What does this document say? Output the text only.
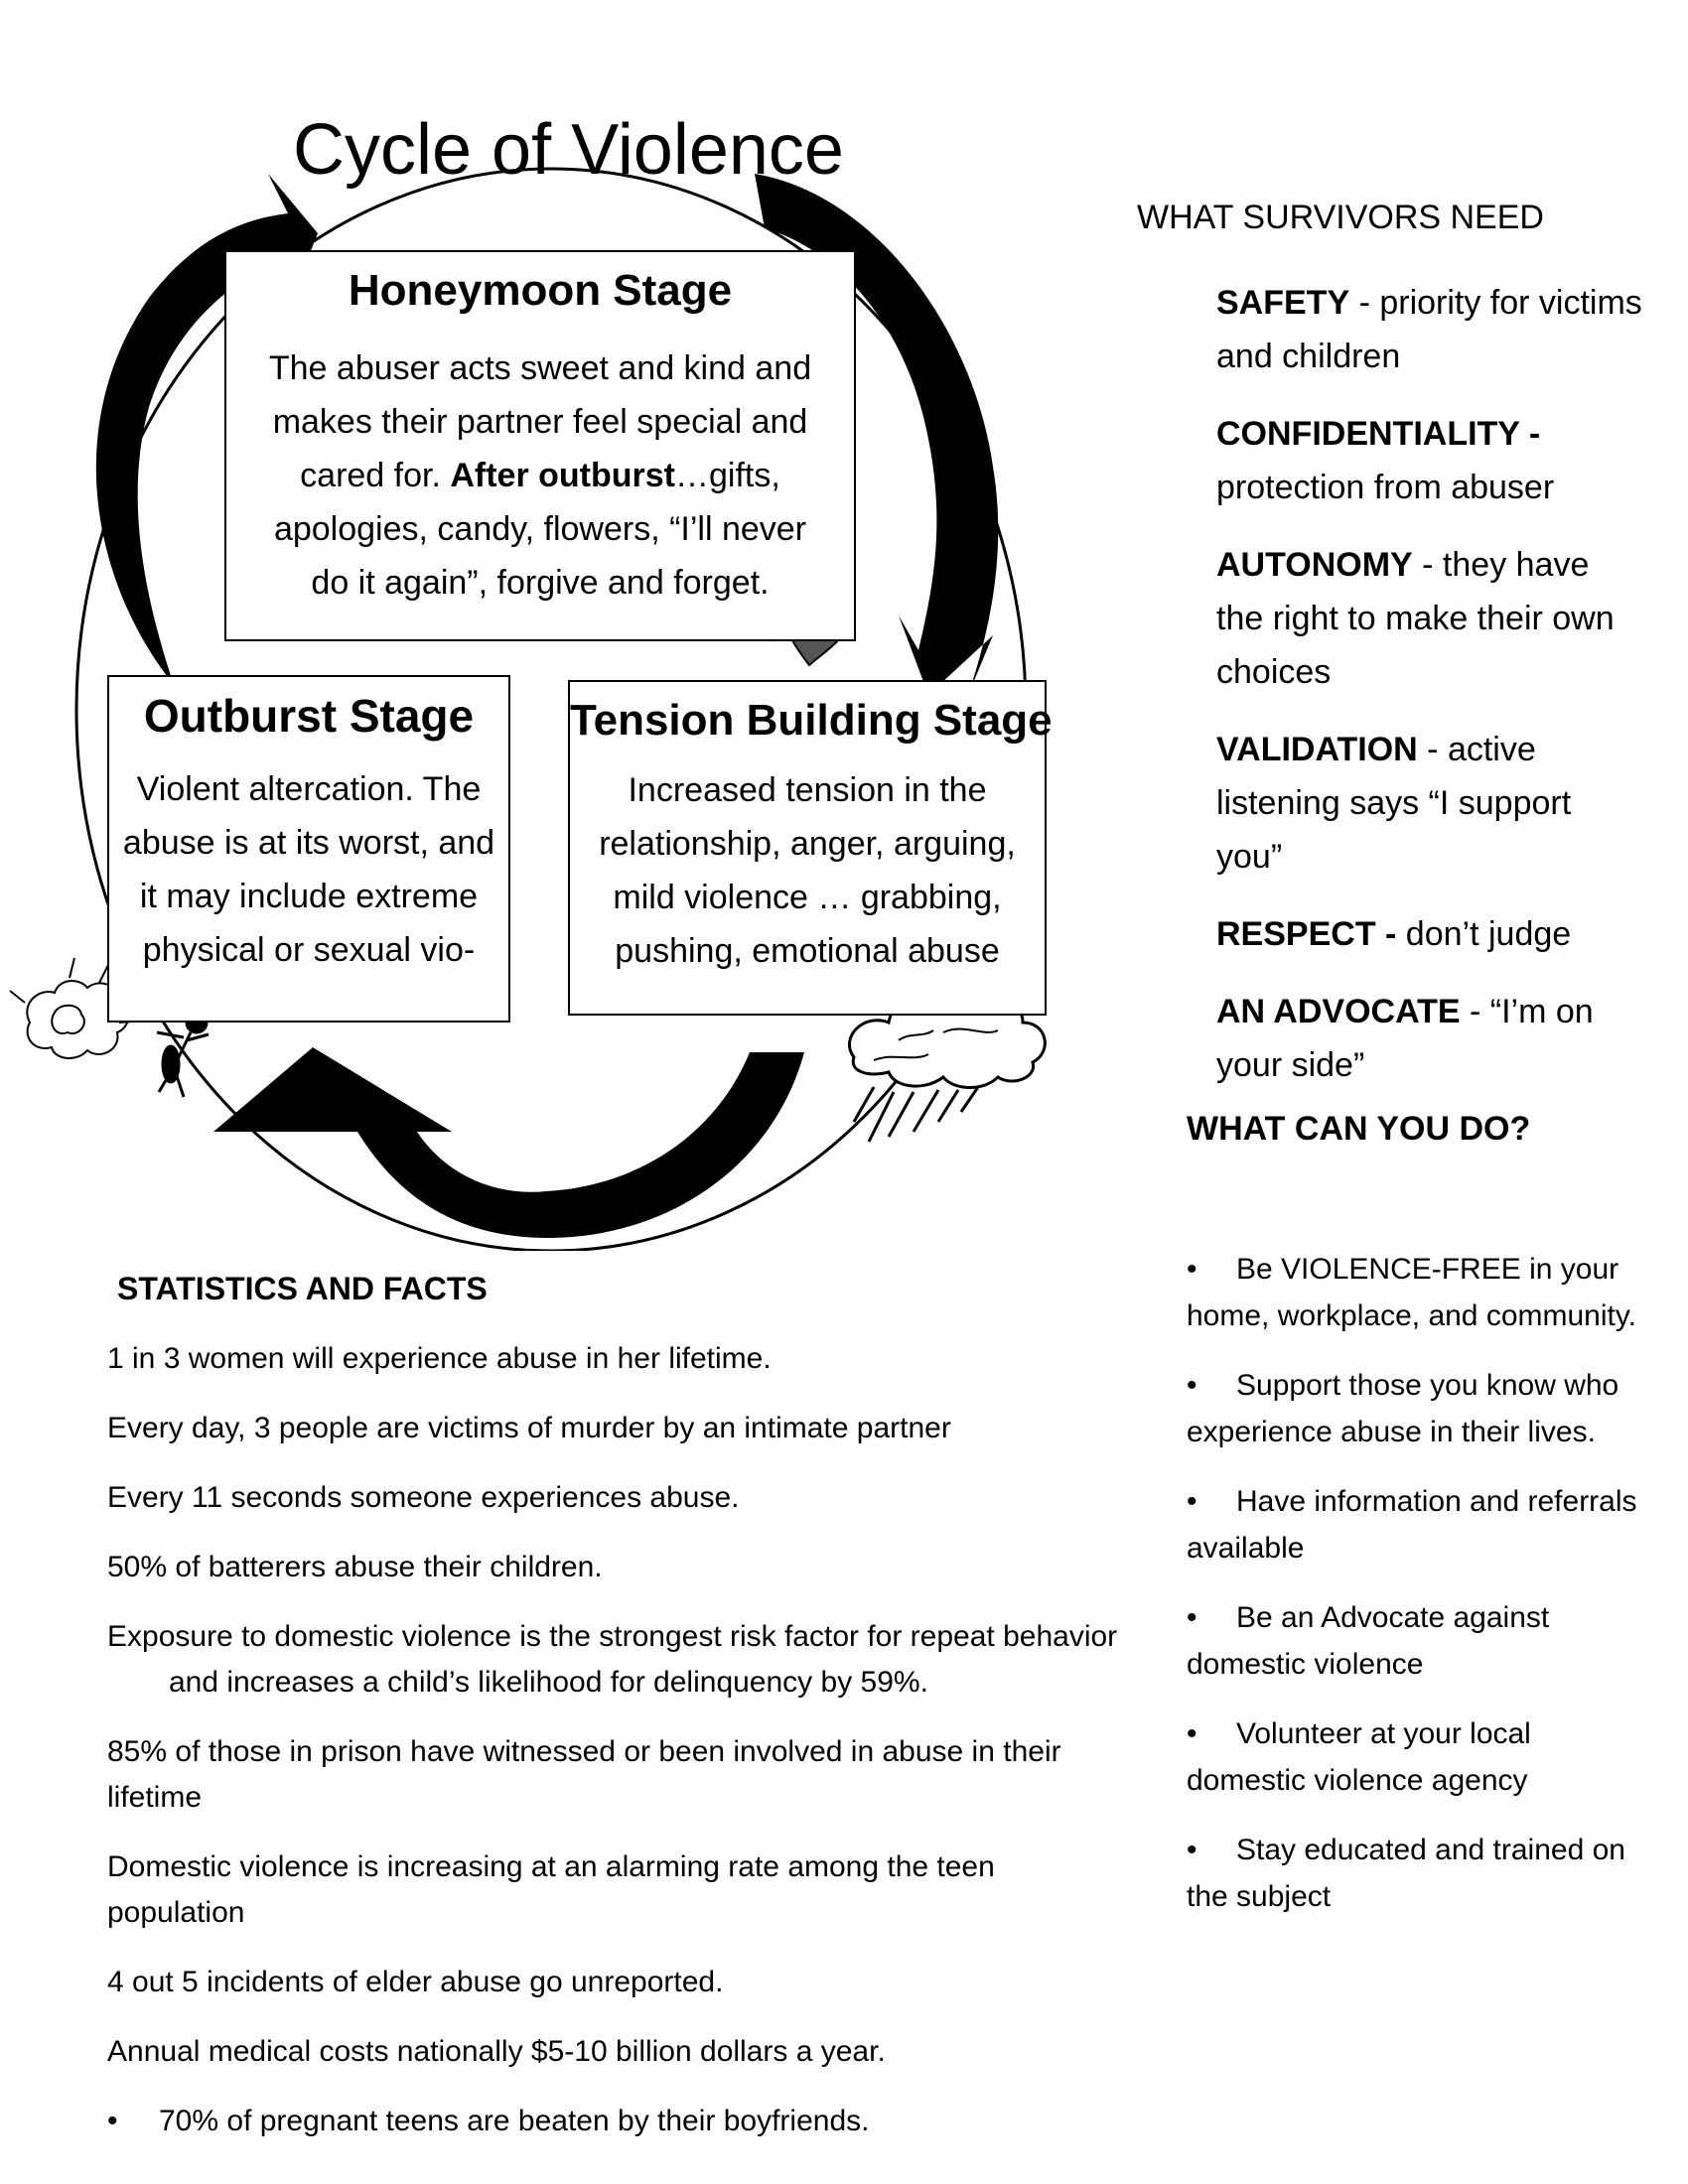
Cycle of Violence
Honeymoon Stage

The abuser acts sweet and kind and makes their partner feel special and cared for. After outburst…gifts, apologies, candy, flowers, “I’ll never do it again”, forgive and forget.

Outburst Stage

Violent altercation. The abuse is at its worst, and it may include extreme physical or sexual vio-

Tension Building Stage

Increased tension in the relationship, anger, arguing, mild violence … grabbing, pushing, emotional abuse

WHAT SURVIVORS NEED
SAFETY - priority for victims and children
CONFIDENTIALITY - protection from abuser
AUTONOMY - they have the right to make their own choices
VALIDATION - active listening says “I support you”
RESPECT - don’t judge
AN ADVOCATE - “I’m on your side”
WHAT CAN YOU DO?
• Be VIOLENCE-FREE in your home, workplace, and community.
• Support those you know who experience abuse in their lives.
• Have information and referrals available
• Be an Advocate against domestic violence
• Volunteer at your local domestic violence agency
• Stay educated and trained on the subject
STATISTICS AND FACTS
1 in 3 women will experience abuse in her lifetime.
Every day, 3 people are victims of murder by an intimate partner
Every 11 seconds someone experiences abuse.
50% of batterers abuse their children.
Exposure to domestic violence is the strongest risk factor for repeat behavior and increases a child’s likelihood for delinquency by 59%.
85% of those in prison have witnessed or been involved in abuse in their lifetime
Domestic violence is increasing at an alarming rate among the teen population
4 out 5 incidents of elder abuse go unreported.
Annual medical costs nationally $5-10 billion dollars a year.
• 70% of pregnant teens are beaten by their boyfriends.
